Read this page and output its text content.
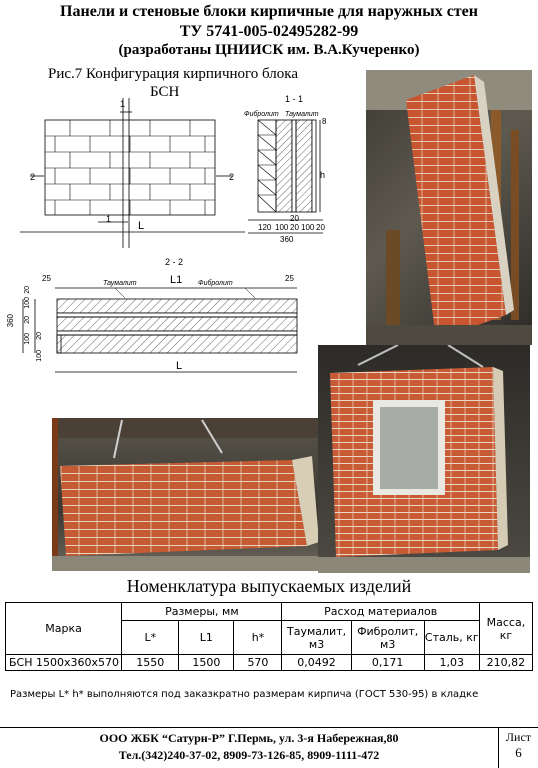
Панели и стеновые блоки кирпичные для наружных стен
ТУ 5741-005-02495282-99
(разработаны ЦНИИСК им. В.А.Кучеренко)
Рис.7 Конфигурация кирпичного блока
БСН
1
2	2
1
L
1 - 1
Фибролит Таумалит
8
h
20
120 100 20 100 20
360
2 - 2
25	25
L1
Таумалит	Фибролит
360
20
100
20
100 20
100
L
Номенклатура выпускаемых изделий
Марка	Размеры, мм			Расход материалов			Масса, кг
	L*	L1	h*	Таумалит, м3	Фибролит, м3	Сталь, кг	
БСН 1500x360x570	1550	1500	570	0,0492	0,171	1,03	210,82
Размеры L* h* выполняются под заказкратно размерам кирпича (ГОСТ 530-95) в кладке
ООО ЖБК “Сатурн-Р” Г.Пермь, ул. 3-я Набережная,80
Тел.(342)240-37-02, 8909-73-126-85, 8909-1111-472
Лист
6
